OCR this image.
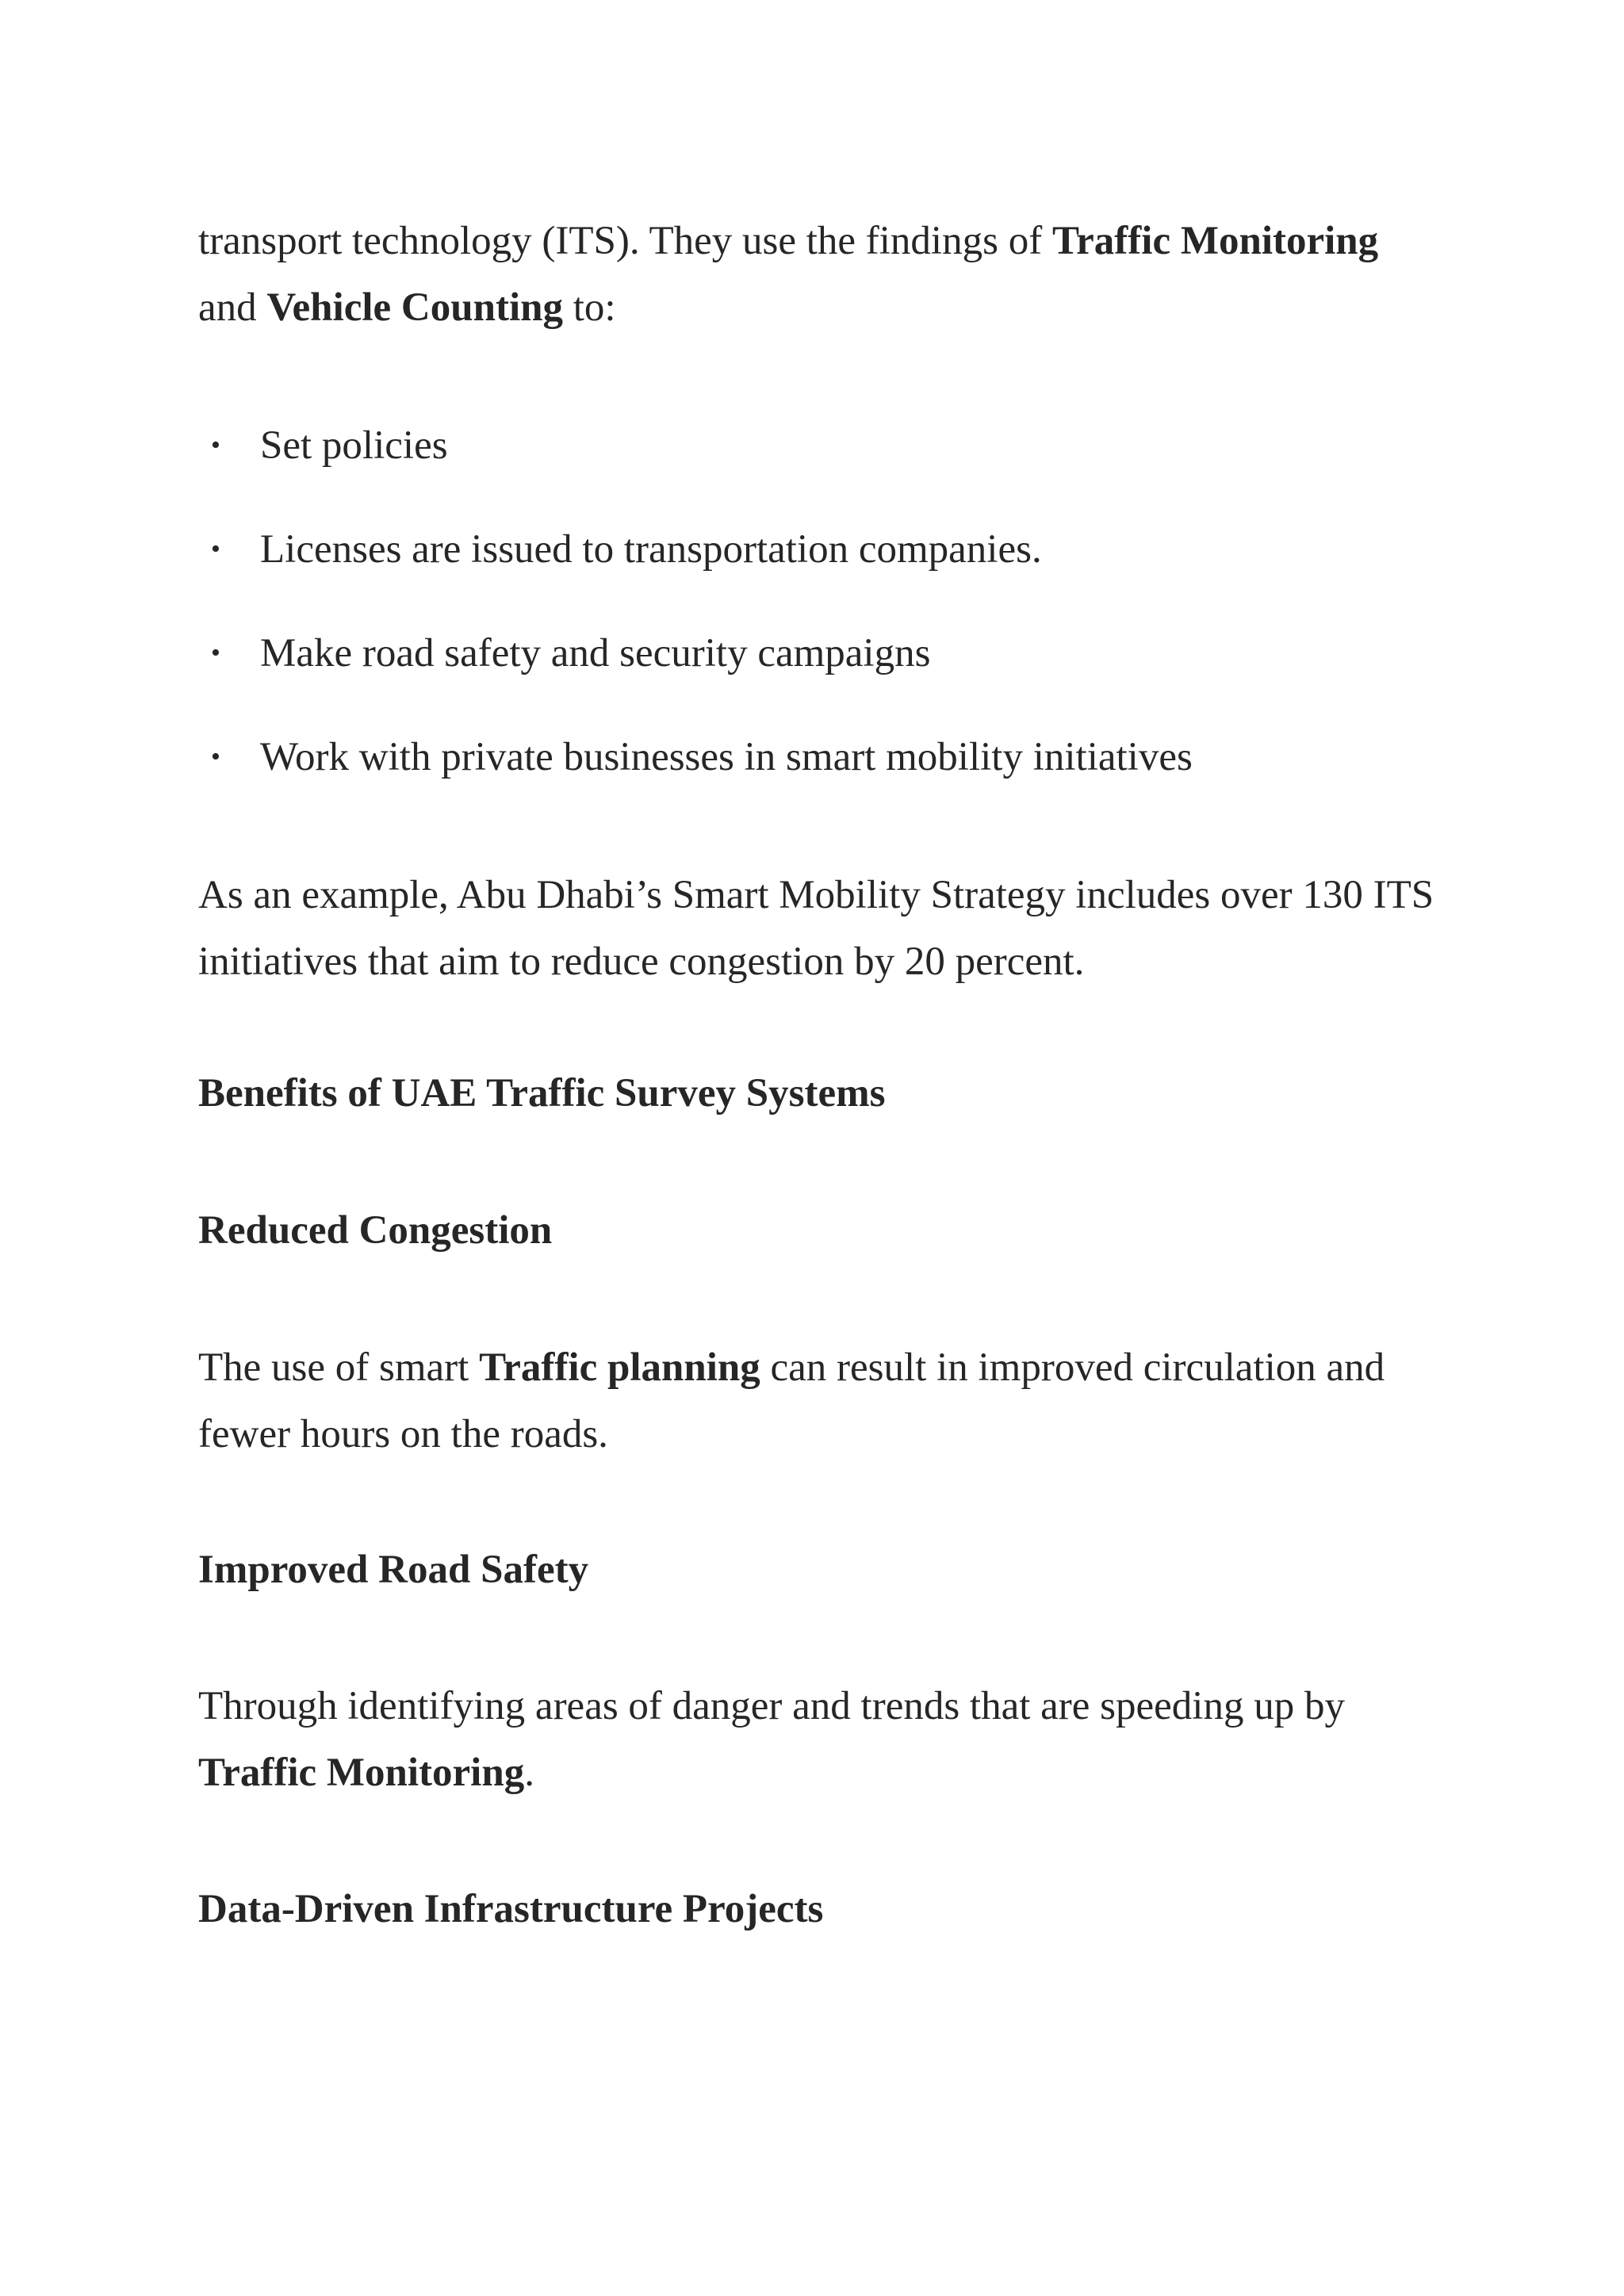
transport technology (ITS). They use the findings of Traffic Monitoring and Vehicle Counting to:

• Set policies
• Licenses are issued to transportation companies.
• Make road safety and security campaigns
• Work with private businesses in smart mobility initiatives

As an example, Abu Dhabi’s Smart Mobility Strategy includes over 130 ITS initiatives that aim to reduce congestion by 20 percent.

Benefits of UAE Traffic Survey Systems
Reduced Congestion

The use of smart Traffic planning can result in improved circulation and fewer hours on the roads.

Improved Road Safety

Through identifying areas of danger and trends that are speeding up by Traffic Monitoring.

Data-Driven Infrastructure Projects
